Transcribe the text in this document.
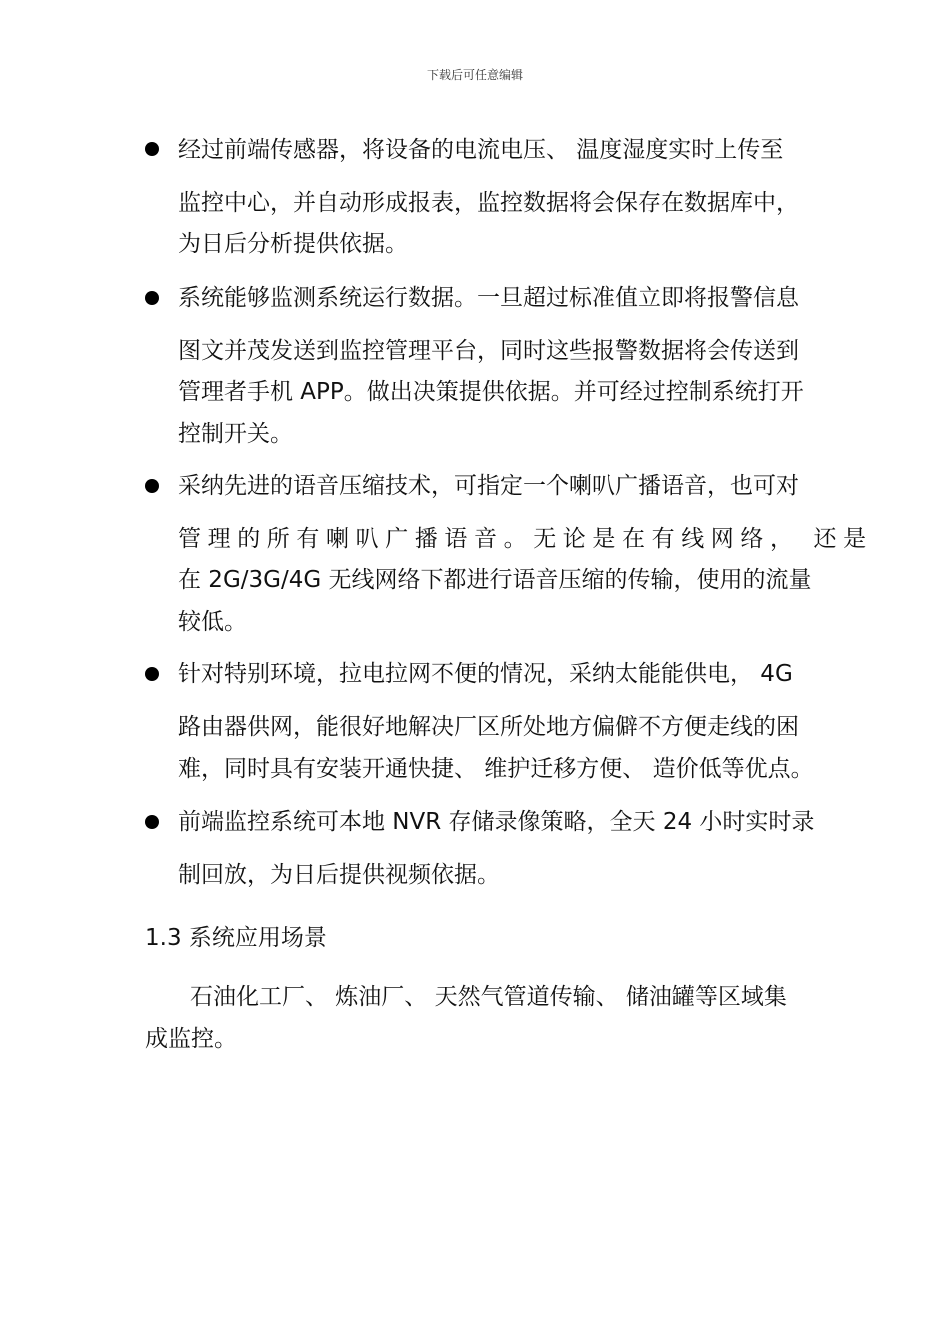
下载后可任意编辑
经过前端传感器，将设备的电流电压、 温度湿度实时上传至
监控中心，并自动形成报表，监控数据将会保存在数据库中，
为日后分析提供依据。
系统能够监测系统运行数据。一旦超过标准值立即将报警信息
图文并茂发送到监控管理平台，同时这些报警数据将会传送到
管理者手机 APP。做出决策提供依据。并可经过控制系统打开
控制开关。
采纳先进的语音压缩技术，可指定一个喇叭广播语音，也可对
管理的所有喇叭广播语音。无论是在有线网络， 还是
在 2G/3G/4G 无线网络下都进行语音压缩的传输，使用的流量
较低。
针对特别环境，拉电拉网不便的情况，采纳太能能供电， 4G
路由器供网，能很好地解决厂区所处地方偏僻不方便走线的困
难，同时具有安装开通快捷、 维护迁移方便、 造价低等优点。
前端监控系统可本地 NVR 存储录像策略，全天 24 小时实时录
制回放，为日后提供视频依据。
1.3 系统应用场景
石油化工厂、 炼油厂、 天然气管道传输、 储油罐等区域集
成监控。
